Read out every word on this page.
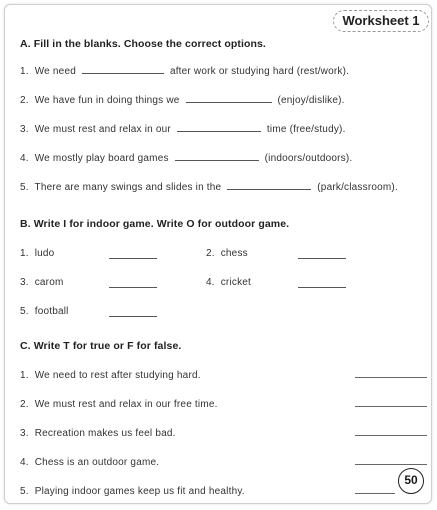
Worksheet 1
A. Fill in the blanks. Choose the correct options.
1. We need	after work or studying hard (rest/work).
2. We have fun in doing things we	(enjoy/dislike).
3. We must rest and relax in our	time (free/study).
4. We mostly play board games	(indoors/outdoors).
5. There are many swings and slides in the	(park/classroom).
B. Write I for indoor game. Write O for outdoor game.
1. ludo	2. chess
3. carom	4. cricket
5. football
C. Write T for true or F for false.
1. We need to rest after studying hard.
2. We must rest and relax in our free time.
3. Recreation makes us feel bad.
4. Chess is an outdoor game.
5. Playing indoor games keep us fit and healthy.
50
